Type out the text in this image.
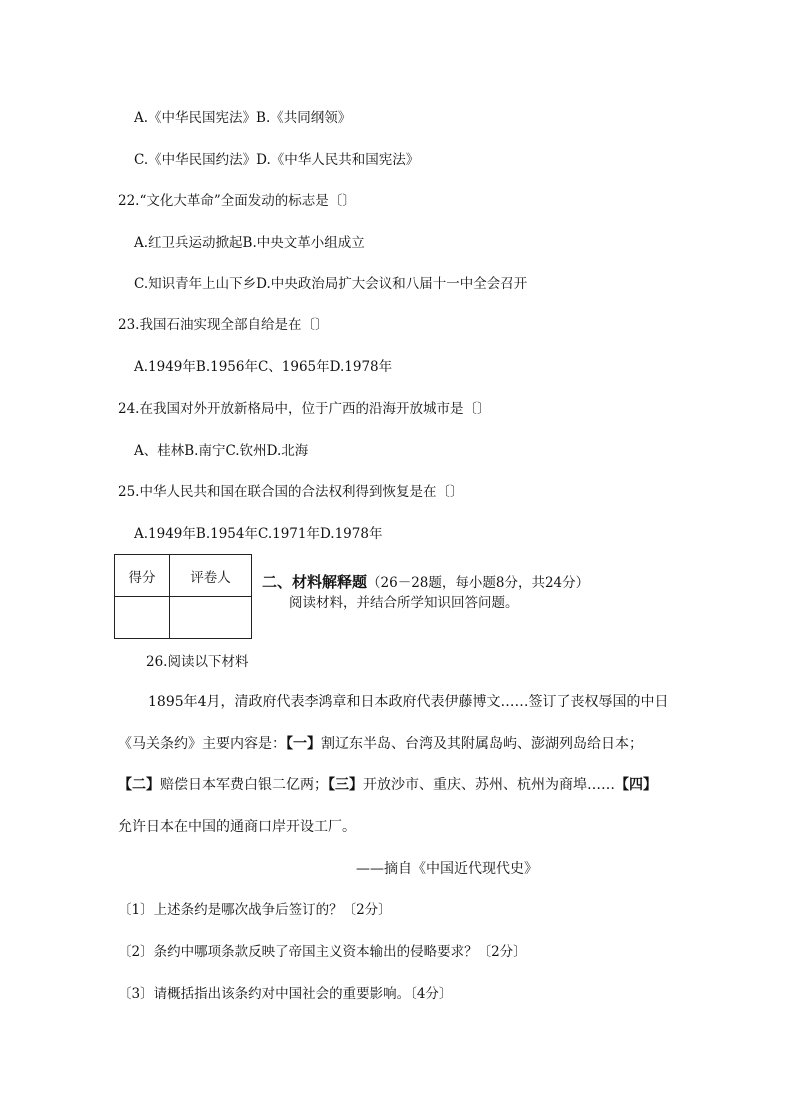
A.《中华民国宪法》B.《共同纲领》
C.《中华民国约法》D.《中华人民共和国宪法》
22.“文化大革命”全面发动的标志是〔〕
A.红卫兵运动掀起B.中央文革小组成立
C.知识青年上山下乡D.中央政治局扩大会议和八届十一中全会召开
23.我国石油实现全部自给是在〔〕
A.1949年B.1956年C、1965年D.1978年
24.在我国对外开放新格局中，位于广西的沿海开放城市是〔〕
A、桂林B.南宁C.钦州D.北海
25.中华人民共和国在联合国的合法权利得到恢复是在〔〕
A.1949年B.1954年C.1971年D.1978年
得分	评卷人
	二、材料解释题（26－28题，每小题8分，共24分）
阅读材料，并结合所学知识回答问题。
26.阅读以下材料
1895年4月，清政府代表李鸿章和日本政府代表伊藤博文……签订了丧权辱国的中日
《马关条约》主要内容是：【一】割辽东半岛、台湾及其附属岛屿、澎湖列岛给日本；
【二】赔偿日本军费白银二亿两；【三】开放沙市、重庆、苏州、杭州为商埠……【四】
允许日本在中国的通商口岸开设工厂。
——摘自《中国近代现代史》
〔1〕上述条约是哪次战争后签订的？〔2分〕
〔2〕条约中哪项条款反映了帝国主义资本输出的侵略要求？〔2分〕
〔3〕请概括指出该条约对中国社会的重要影响。〔4分〕
